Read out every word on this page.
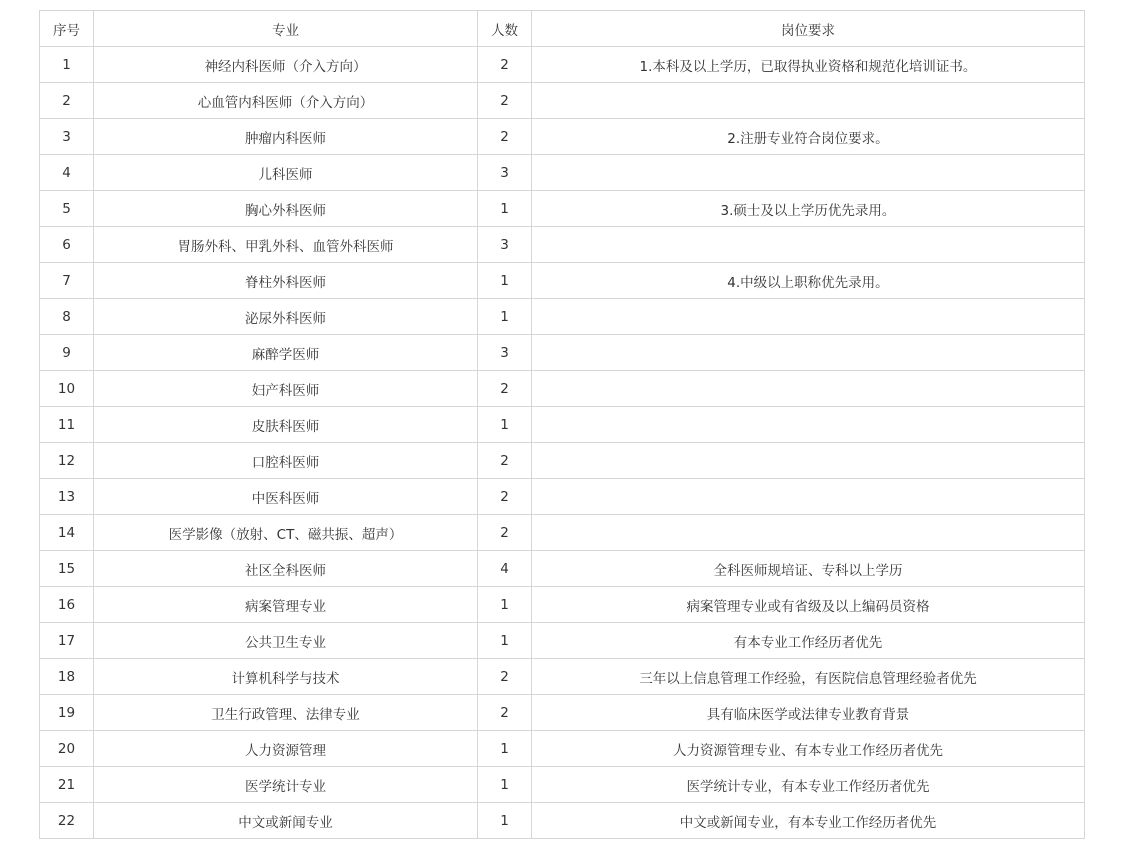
序号	专业	人数	岗位要求
1	神经内科医师（介入方向）	2	1.本科及以上学历，已取得执业资格和规范化培训证书。
2	心血管内科医师（介入方向）	2	
3	肿瘤内科医师	2	2.注册专业符合岗位要求。
4	儿科医师	3	
5	胸心外科医师	1	3.硕士及以上学历优先录用。
6	胃肠外科、甲乳外科、血管外科医师	3	
7	脊柱外科医师	1	4.中级以上职称优先录用。
8	泌尿外科医师	1	
9	麻醉学医师	3	
10	妇产科医师	2	
11	皮肤科医师	1	
12	口腔科医师	2	
13	中医科医师	2	
14	医学影像（放射、CT、磁共振、超声）	2	
15	社区全科医师	4	全科医师规培证、专科以上学历
16	病案管理专业	1	病案管理专业或有省级及以上编码员资格
17	公共卫生专业	1	有本专业工作经历者优先
18	计算机科学与技术	2	三年以上信息管理工作经验，有医院信息管理经验者优先
19	卫生行政管理、法律专业	2	具有临床医学或法律专业教育背景
20	人力资源管理	1	人力资源管理专业、有本专业工作经历者优先
21	医学统计专业	1	医学统计专业，有本专业工作经历者优先
22	中文或新闻专业	1	中文或新闻专业，有本专业工作经历者优先
